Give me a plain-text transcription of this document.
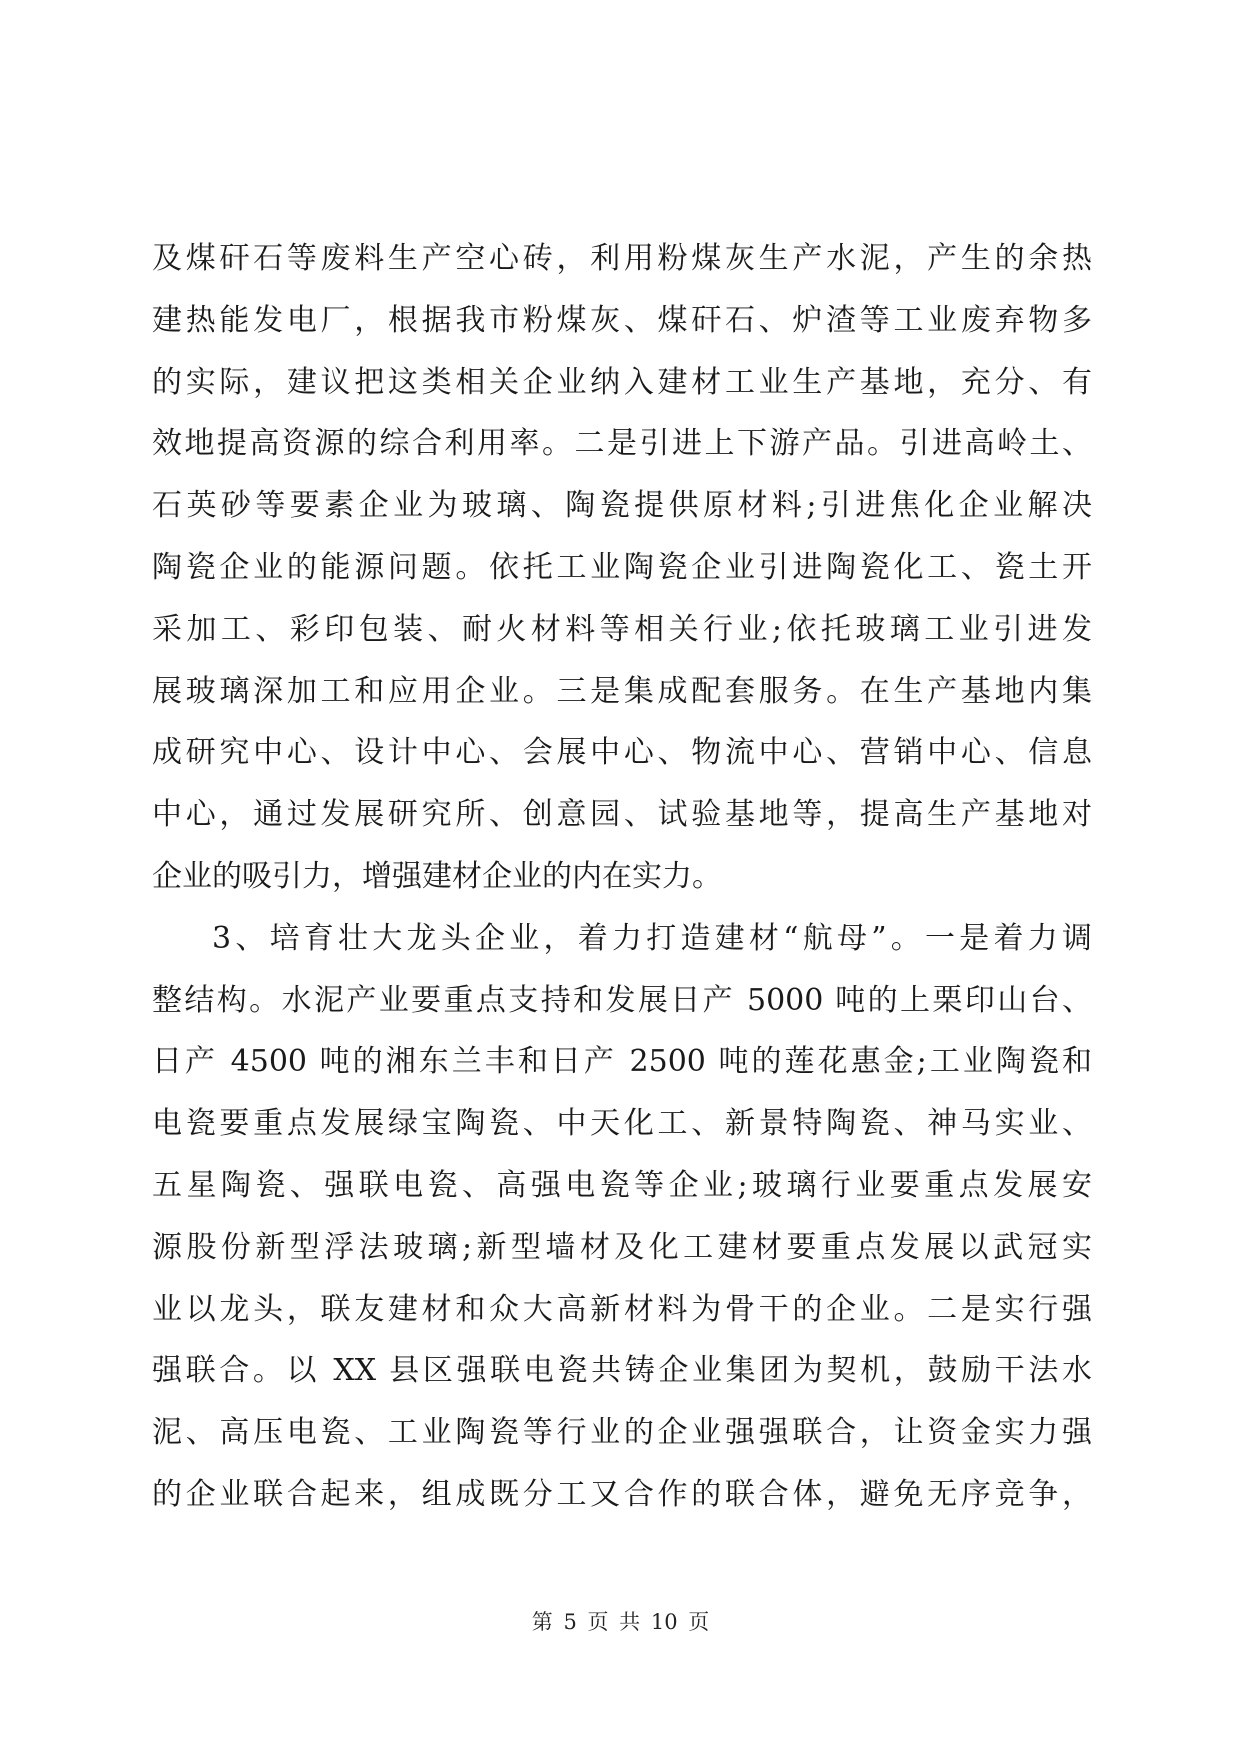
及煤矸石等废料生产空心砖，利用粉煤灰生产水泥，产生的余热
建热能发电厂，根据我市粉煤灰、煤矸石、炉渣等工业废弃物多
的实际，建议把这类相关企业纳入建材工业生产基地，充分、有
效地提高资源的综合利用率。二是引进上下游产品。引进高岭土、
石英砂等要素企业为玻璃、陶瓷提供原材料;引进焦化企业解决
陶瓷企业的能源问题。依托工业陶瓷企业引进陶瓷化工、瓷土开
采加工、彩印包装、耐火材料等相关行业;依托玻璃工业引进发
展玻璃深加工和应用企业。三是集成配套服务。在生产基地内集
成研究中心、设计中心、会展中心、物流中心、营销中心、信息
中心，通过发展研究所、创意园、试验基地等，提高生产基地对
企业的吸引力，增强建材企业的内在实力。
3、培育壮大龙头企业，着力打造建材“航母”。一是着力调
整结构。水泥产业要重点支持和发展日产 5000 吨的上栗印山台、
日产 4500 吨的湘东兰丰和日产 2500 吨的莲花惠金;工业陶瓷和
电瓷要重点发展绿宝陶瓷、中天化工、新景特陶瓷、神马实业、
五星陶瓷、强联电瓷、高强电瓷等企业;玻璃行业要重点发展安
源股份新型浮法玻璃;新型墙材及化工建材要重点发展以武冠实
业以龙头，联友建材和众大高新材料为骨干的企业。二是实行强
强联合。以 XX 县区强联电瓷共铸企业集团为契机，鼓励干法水
泥、高压电瓷、工业陶瓷等行业的企业强强联合，让资金实力强
的企业联合起来，组成既分工又合作的联合体，避免无序竞争，
第 5 页 共 10 页
